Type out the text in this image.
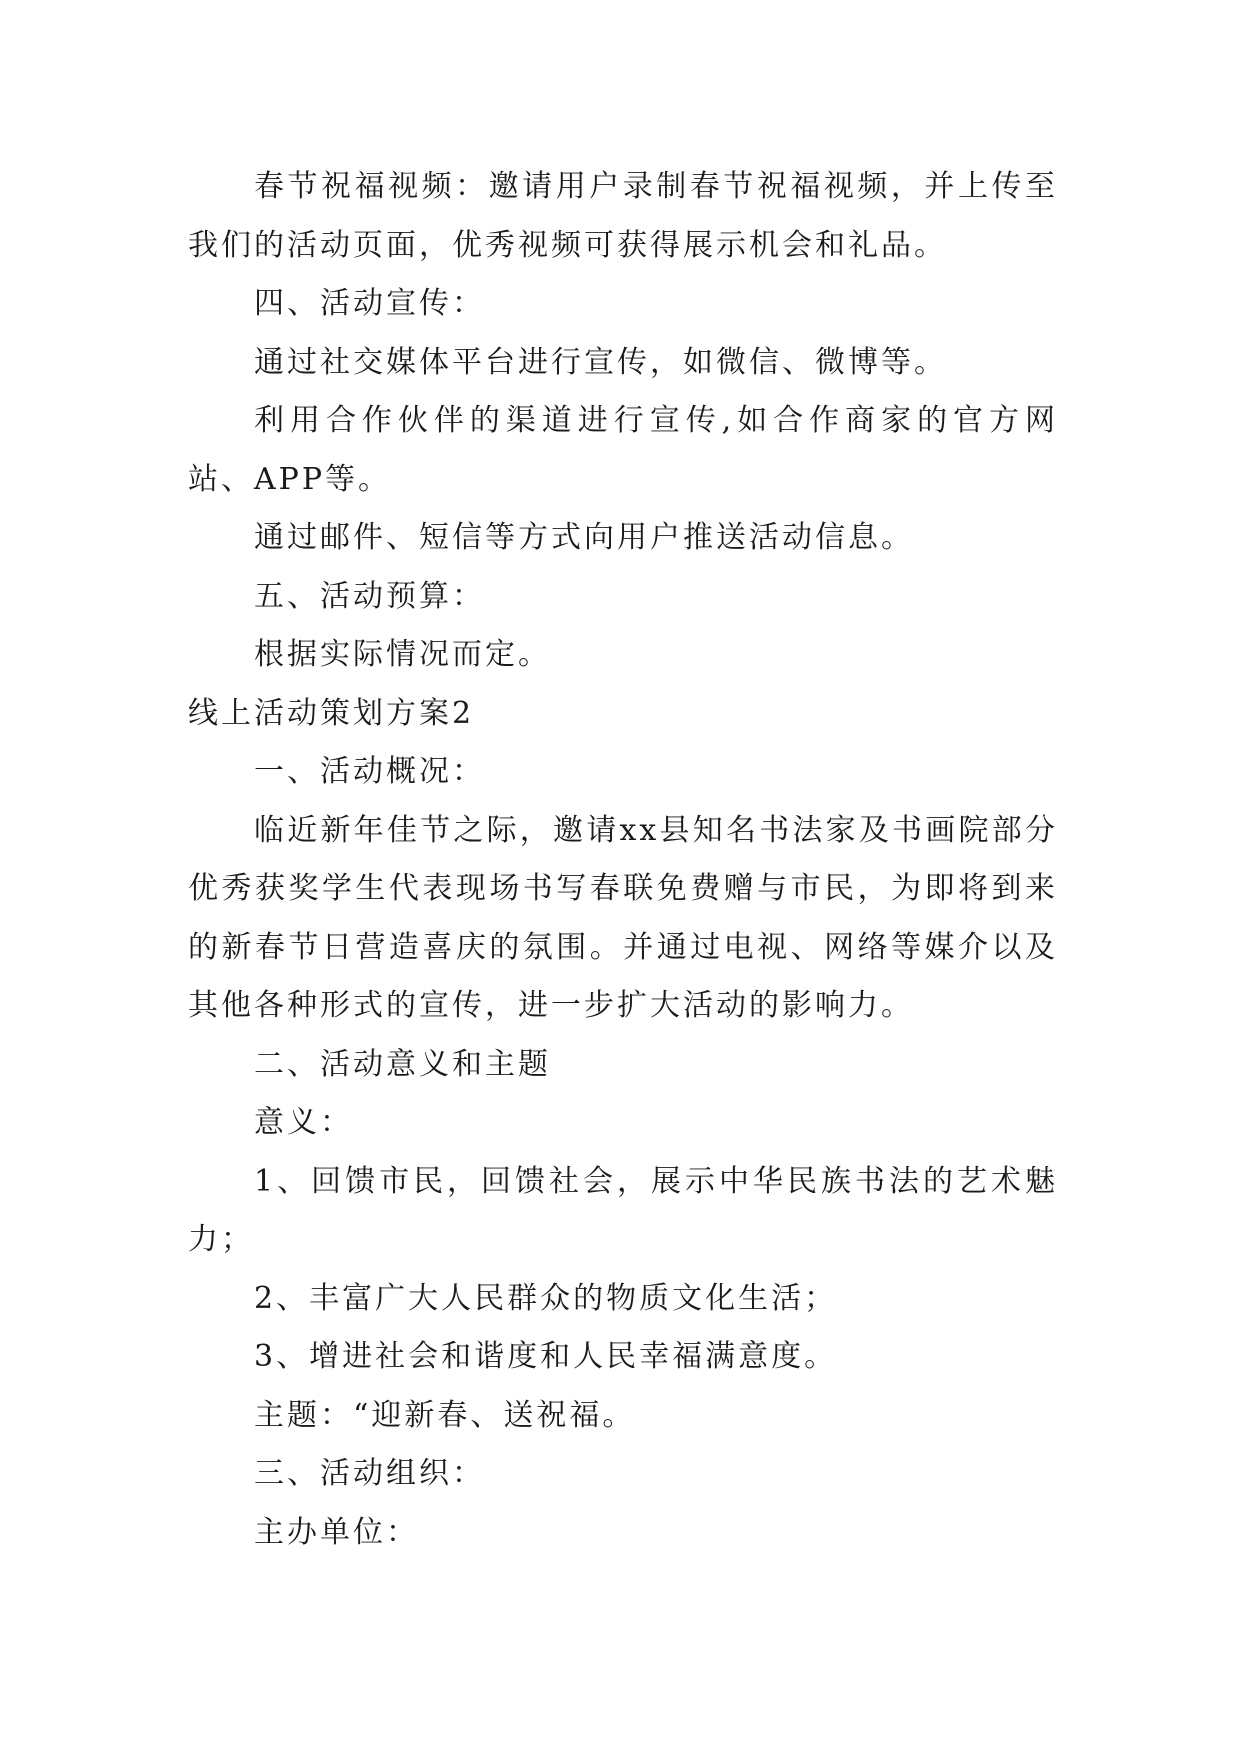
春节祝福视频：邀请用户录制春节祝福视频，并上传至我们的活动页面，优秀视频可获得展示机会和礼品。

四、活动宣传：

通过社交媒体平台进行宣传，如微信、微博等。

利用合作伙伴的渠道进行宣传,如合作商家的官方网站、APP等。

通过邮件、短信等方式向用户推送活动信息。

五、活动预算：

根据实际情况而定。

线上活动策划方案2

一、活动概况：

临近新年佳节之际，邀请xx县知名书法家及书画院部分优秀获奖学生代表现场书写春联免费赠与市民，为即将到来的新春节日营造喜庆的氛围。并通过电视、网络等媒介以及其他各种形式的宣传，进一步扩大活动的影响力。

二、活动意义和主题

意义：

1、回馈市民，回馈社会，展示中华民族书法的艺术魅力；

2、丰富广大人民群众的物质文化生活；

3、增进社会和谐度和人民幸福满意度。

主题：“迎新春、送祝福。

三、活动组织：

主办单位：
